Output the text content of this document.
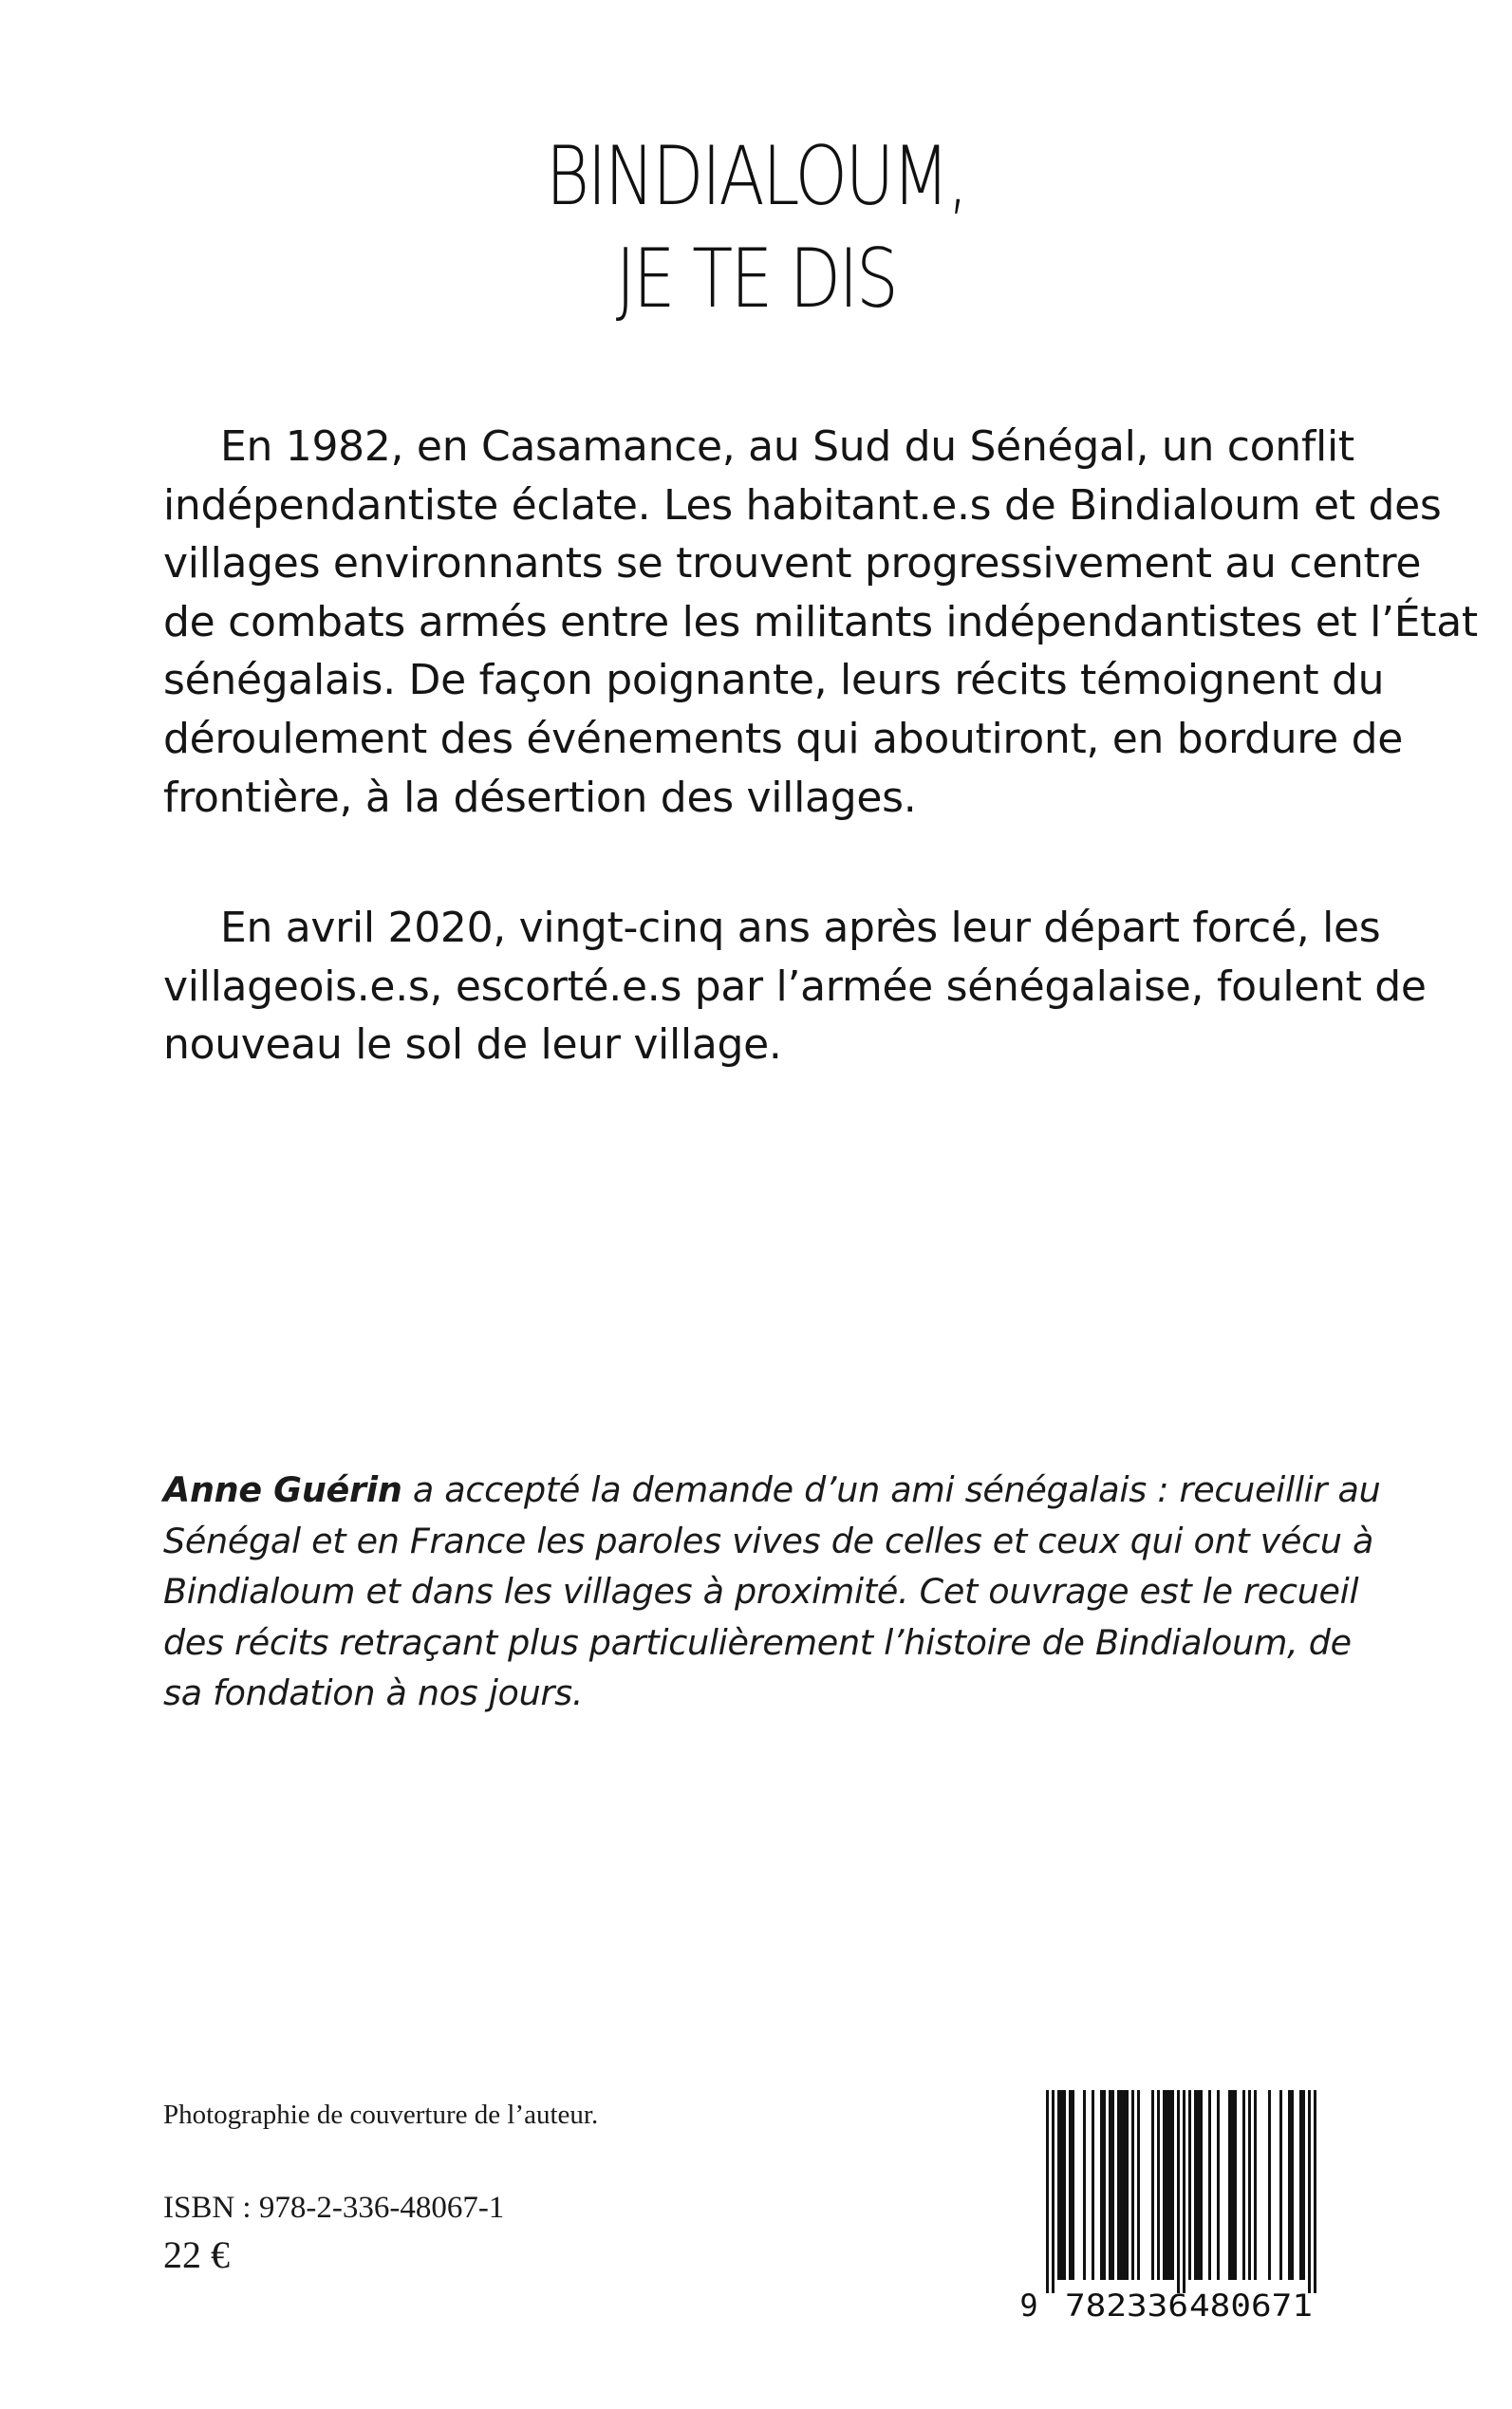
BINDIALOUM,
JE TE DIS
En 1982, en Casamance, au Sud du Sénégal, un conflit
indépendantiste éclate. Les habitant.e.s de Bindialoum et des
villages environnants se trouvent progressivement au centre
de combats armés entre les militants indépendantistes et l’État
sénégalais. De façon poignante, leurs récits témoignent du
déroulement des événements qui aboutiront, en bordure de
frontière, à la désertion des villages.
En avril 2020, vingt-cinq ans après leur départ forcé, les
villageois.e.s, escorté.e.s par l’armée sénégalaise, foulent de
nouveau le sol de leur village.
Anne Guérin a accepté la demande d’un ami sénégalais : recueillir au
Sénégal et en France les paroles vives de celles et ceux qui ont vécu à
Bindialoum et dans les villages à proximité. Cet ouvrage est le recueil
des récits retraçant plus particulièrement l’histoire de Bindialoum, de
sa fondation à nos jours.
Photographie de couverture de l’auteur.
ISBN : 978-2-336-48067-1
22 €
9 782336 480671
